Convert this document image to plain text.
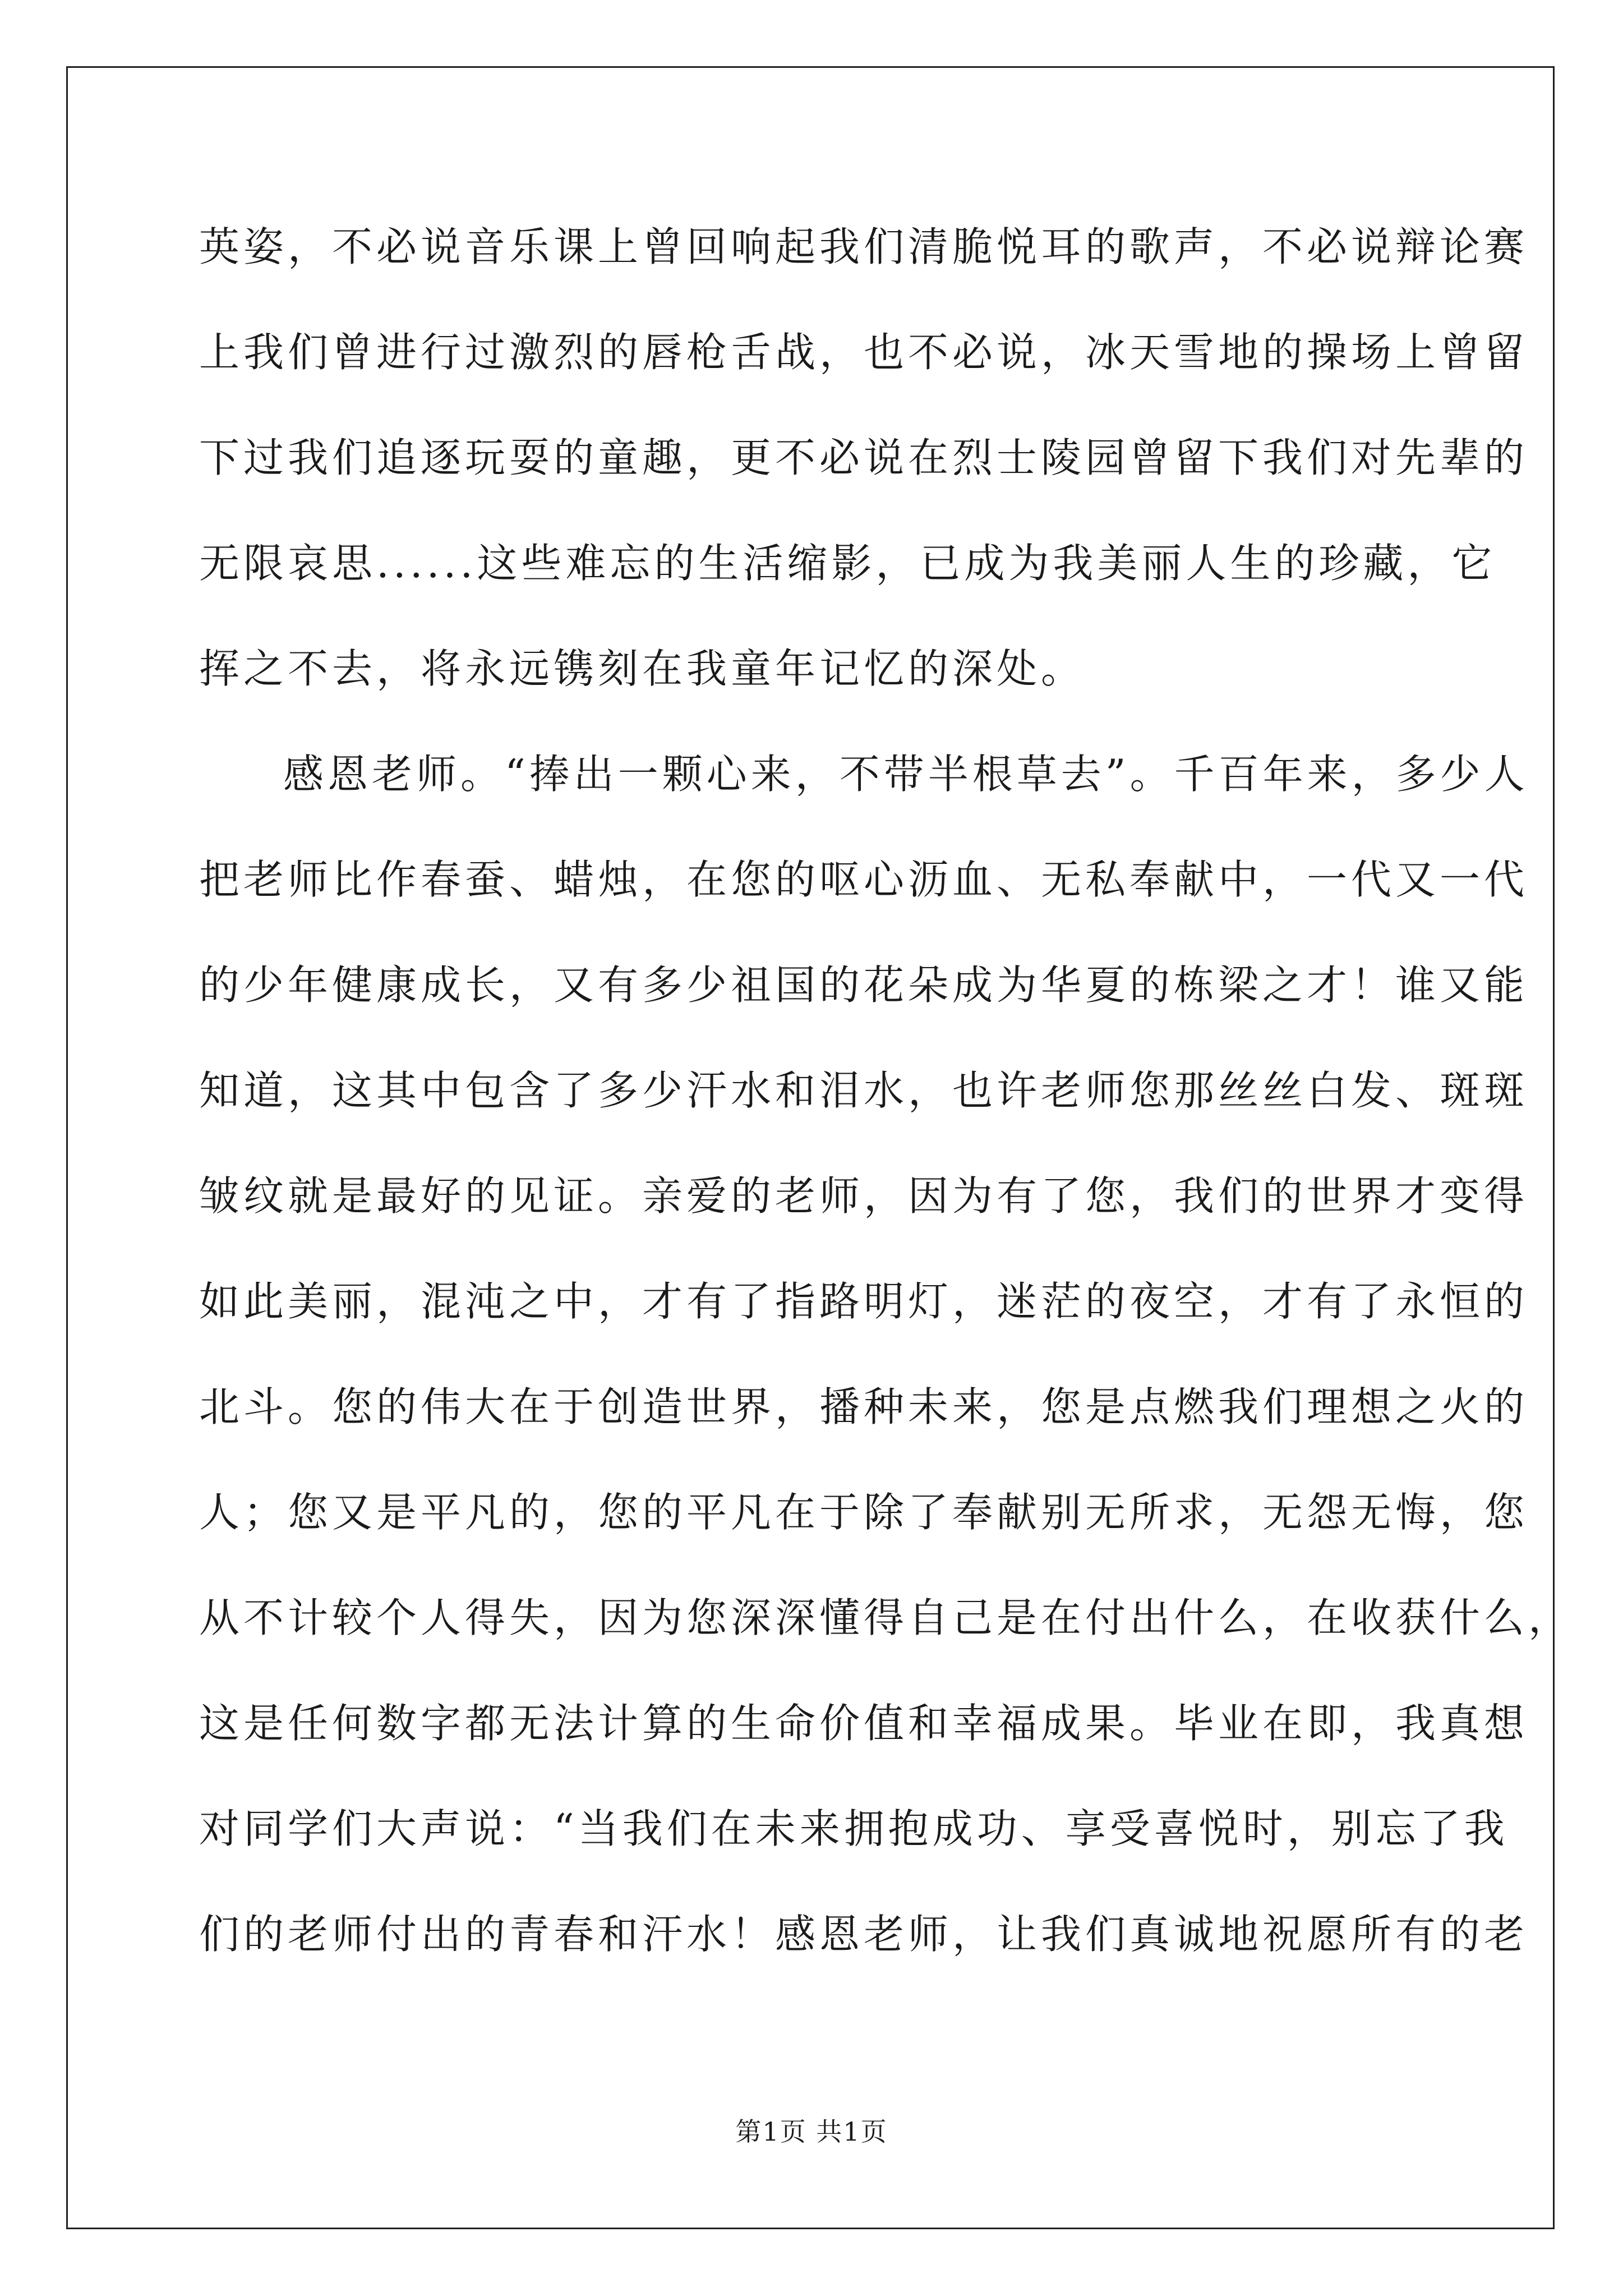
英姿，不必说音乐课上曾回响起我们清脆悦耳的歌声，不必说辩论赛
上我们曾进行过激烈的唇枪舌战，也不必说，冰天雪地的操场上曾留
下过我们追逐玩耍的童趣，更不必说在烈士陵园曾留下我们对先辈的
无限哀思......这些难忘的生活缩影，已成为我美丽人生的珍藏，它
挥之不去，将永远镌刻在我童年记忆的深处。
感恩老师。“捧出一颗心来，不带半根草去”。千百年来，多少人
把老师比作春蚕、蜡烛，在您的呕心沥血、无私奉献中，一代又一代
的少年健康成长，又有多少祖国的花朵成为华夏的栋梁之才！谁又能
知道，这其中包含了多少汗水和泪水，也许老师您那丝丝白发、斑斑
皱纹就是最好的见证。亲爱的老师，因为有了您，我们的世界才变得
如此美丽，混沌之中，才有了指路明灯，迷茫的夜空，才有了永恒的
北斗。您的伟大在于创造世界，播种未来，您是点燃我们理想之火的
人；您又是平凡的，您的平凡在于除了奉献别无所求，无怨无悔，您
从不计较个人得失，因为您深深懂得自己是在付出什么，在收获什么，
这是任何数字都无法计算的生命价值和幸福成果。毕业在即，我真想
对同学们大声说：“当我们在未来拥抱成功、享受喜悦时，别忘了我
们的老师付出的青春和汗水！感恩老师，让我们真诚地祝愿所有的老
第1页 共1页
